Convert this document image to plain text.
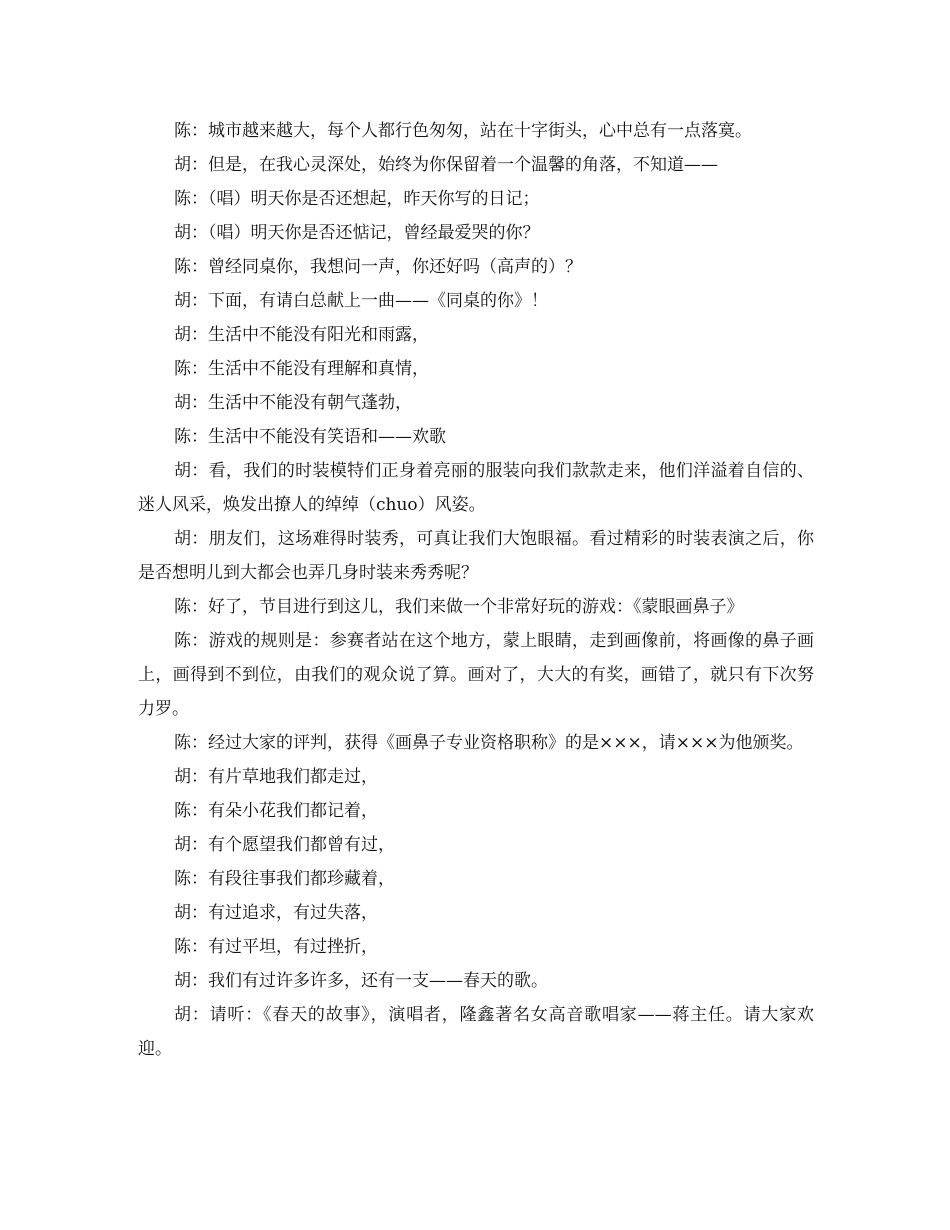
陈：城市越来越大，每个人都行色匆匆，站在十字街头，心中总有一点落寞。

胡：但是，在我心灵深处，始终为你保留着一个温馨的角落，不知道——

陈：（唱）明天你是否还想起，昨天你写的日记；

胡：（唱）明天你是否还惦记，曾经最爱哭的你？

陈：曾经同桌你，我想问一声，你还好吗（高声的）？

胡：下面，有请白总献上一曲——《同桌的你》！

胡：生活中不能没有阳光和雨露，

陈：生活中不能没有理解和真情，

胡：生活中不能没有朝气蓬勃，

陈：生活中不能没有笑语和——欢歌

胡：看，我们的时装模特们正身着亮丽的服装向我们款款走来，他们洋溢着自信的、迷人风采，焕发出撩人的绰绰（chuo）风姿。

胡：朋友们，这场难得时装秀，可真让我们大饱眼福。看过精彩的时装表演之后，你是否想明儿到大都会也弄几身时装来秀秀呢？

陈：好了，节目进行到这儿，我们来做一个非常好玩的游戏：《蒙眼画鼻子》

陈：游戏的规则是：参赛者站在这个地方，蒙上眼睛，走到画像前，将画像的鼻子画上，画得到不到位，由我们的观众说了算。画对了，大大的有奖，画错了，就只有下次努力罗。

陈：经过大家的评判，获得《画鼻子专业资格职称》的是×××，请×××为他颁奖。

胡：有片草地我们都走过，

陈：有朵小花我们都记着，

胡：有个愿望我们都曾有过，

陈：有段往事我们都珍藏着，

胡：有过追求，有过失落，

陈：有过平坦，有过挫折，

胡：我们有过许多许多，还有一支——春天的歌。

胡：请听：《春天的故事》，演唱者，隆鑫著名女高音歌唱家——蒋主任。请大家欢迎。
